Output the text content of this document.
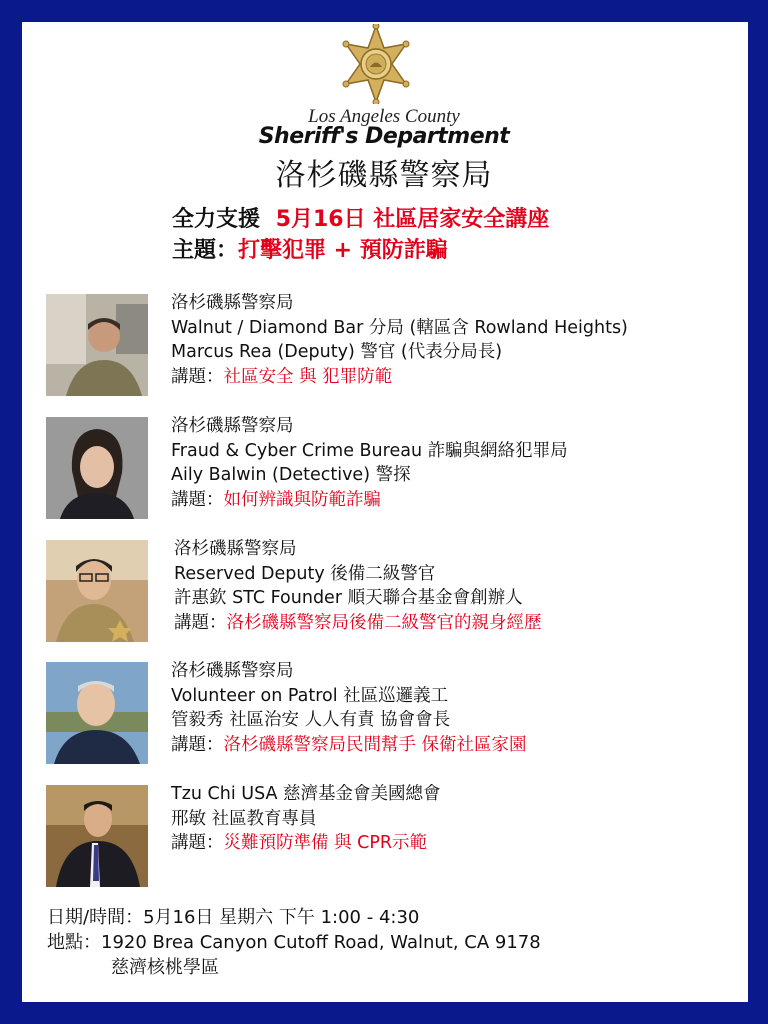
Los Angeles County
Sheriff's Department
洛杉磯縣警察局
全力支援 5月16日 社區居家安全講座
主題：打擊犯罪 + 預防詐騙
洛杉磯縣警察局
Walnut / Diamond Bar 分局 (轄區含 Rowland Heights)
Marcus Rea (Deputy) 警官 (代表分局長)
講題：社區安全 與 犯罪防範
洛杉磯縣警察局
Fraud & Cyber Crime Bureau 詐騙與網絡犯罪局
Aily Balwin (Detective) 警探
講題：如何辨識與防範詐騙
洛杉磯縣警察局
Reserved Deputy 後備二級警官
許惠欽 STC Founder 順天聯合基金會創辦人
講題：洛杉磯縣警察局後備二級警官的親身經歷
洛杉磯縣警察局
Volunteer on Patrol 社區巡邏義工
管毅秀 社區治安 人人有責 協會會長
講題：洛杉磯縣警察局民間幫手 保衛社區家園
Tzu Chi USA 慈濟基金會美國總會
邢敏 社區教育專員
講題：災難預防準備 與 CPR示範
日期/時間：5月16日 星期六 下午 1:00 - 4:30
地點：1920 Brea Canyon Cutoff Road, Walnut, CA 9178
慈濟核桃學區
